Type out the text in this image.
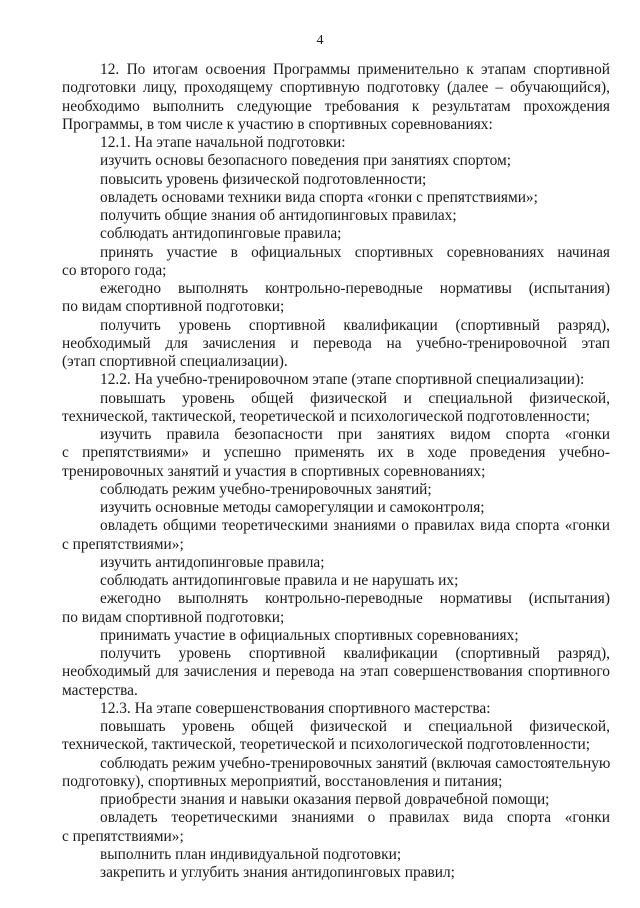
4
12. По итогам освоения Программы применительно к этапам спортивной
подготовки лицу, проходящему спортивную подготовку (далее – обучающийся),
необходимо выполнить следующие требования к результатам прохождения
Программы, в том числе к участию в спортивных соревнованиях:
12.1. На этапе начальной подготовки:
изучить основы безопасного поведения при занятиях спортом;
повысить уровень физической подготовленности;
овладеть основами техники вида спорта «гонки с препятствиями»;
получить общие знания об антидопинговых правилах;
соблюдать антидопинговые правила;
принять участие в официальных спортивных соревнованиях начиная
со второго года;
ежегодно выполнять контрольно-переводные нормативы (испытания)
по видам спортивной подготовки;
получить уровень спортивной квалификации (спортивный разряд),
необходимый для зачисления и перевода на учебно-тренировочной этап
(этап спортивной специализации).
12.2. На учебно-тренировочном этапе (этапе спортивной специализации):
повышать уровень общей физической и специальной физической,
технической, тактической, теоретической и психологической подготовленности;
изучить правила безопасности при занятиях видом спорта «гонки
с препятствиями» и успешно применять их в ходе проведения учебно-
тренировочных занятий и участия в спортивных соревнованиях;
соблюдать режим учебно-тренировочных занятий;
изучить основные методы саморегуляции и самоконтроля;
овладеть общими теоретическими знаниями о правилах вида спорта «гонки
с препятствиями»;
изучить антидопинговые правила;
соблюдать антидопинговые правила и не нарушать их;
ежегодно выполнять контрольно-переводные нормативы (испытания)
по видам спортивной подготовки;
принимать участие в официальных спортивных соревнованиях;
получить уровень спортивной квалификации (спортивный разряд),
необходимый для зачисления и перевода на этап совершенствования спортивного
мастерства.
12.3. На этапе совершенствования спортивного мастерства:
повышать уровень общей физической и специальной физической,
технической, тактической, теоретической и психологической подготовленности;
соблюдать режим учебно-тренировочных занятий (включая самостоятельную
подготовку), спортивных мероприятий, восстановления и питания;
приобрести знания и навыки оказания первой доврачебной помощи;
овладеть теоретическими знаниями о правилах вида спорта «гонки
с препятствиями»;
выполнить план индивидуальной подготовки;
закрепить и углубить знания антидопинговых правил;
